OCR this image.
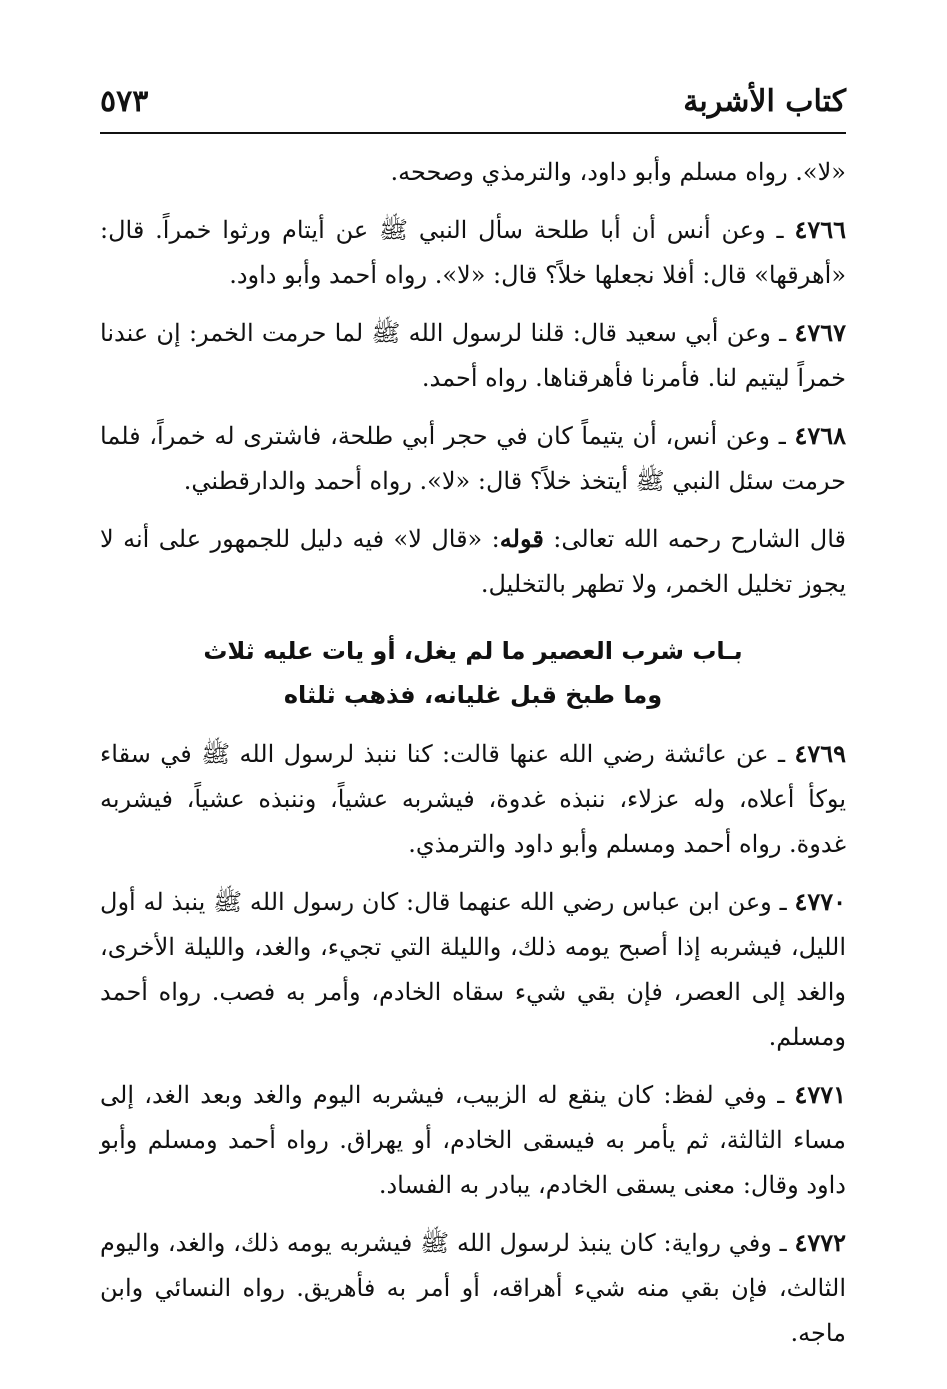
كتاب الأشربة
٥٧٣

«لا». رواه مسلم وأبو داود، والترمذي وصححه.

٤٧٦٦ ـ وعن أنس أن أبا طلحة سأل النبي ﷺ عن أيتام ورثوا خمراً. قال: «أهرقها» قال: أفلا نجعلها خلاً؟ قال: «لا». رواه أحمد وأبو داود.

٤٧٦٧ ـ وعن أبي سعيد قال: قلنا لرسول الله ﷺ لما حرمت الخمر: إن عندنا خمراً ليتيم لنا. فأمرنا فأهرقناها. رواه أحمد.

٤٧٦٨ ـ وعن أنس، أن يتيماً كان في حجر أبي طلحة، فاشترى له خمراً، فلما حرمت سئل النبي ﷺ أيتخذ خلاً؟ قال: «لا». رواه أحمد والدارقطني.

قال الشارح رحمه الله تعالى: قوله: «قال لا» فيه دليل للجمهور على أنه لا يجوز تخليل الخمر، ولا تطهر بالتخليل.

بـاب شرب العصير ما لم يغل، أو يات عليه ثلاث
وما طبخ قبل غليانه، فذهب ثلثاه

٤٧٦٩ ـ عن عائشة رضي الله عنها قالت: كنا ننبذ لرسول الله ﷺ في سقاء يوكأ أعلاه، وله عزلاء، ننبذه غدوة، فيشربه عشياً، وننبذه عشياً، فيشربه غدوة. رواه أحمد ومسلم وأبو داود والترمذي.

٤٧٧٠ ـ وعن ابن عباس رضي الله عنهما قال: كان رسول الله ﷺ ينبذ له أول الليل، فيشربه إذا أصبح يومه ذلك، والليلة التي تجيء، والغد، والليلة الأخرى، والغد إلى العصر، فإن بقي شيء سقاه الخادم، وأمر به فصب. رواه أحمد ومسلم.

٤٧٧١ ـ وفي لفظ: كان ينقع له الزبيب، فيشربه اليوم والغد وبعد الغد، إلى مساء الثالثة، ثم يأمر به فيسقى الخادم، أو يهراق. رواه أحمد ومسلم وأبو داود وقال: معنى يسقى الخادم، يبادر به الفساد.

٤٧٧٢ ـ وفي رواية: كان ينبذ لرسول الله ﷺ فيشربه يومه ذلك، والغد، واليوم الثالث، فإن بقي منه شيء أهراقه، أو أمر به فأهريق. رواه النسائي وابن ماجه.
